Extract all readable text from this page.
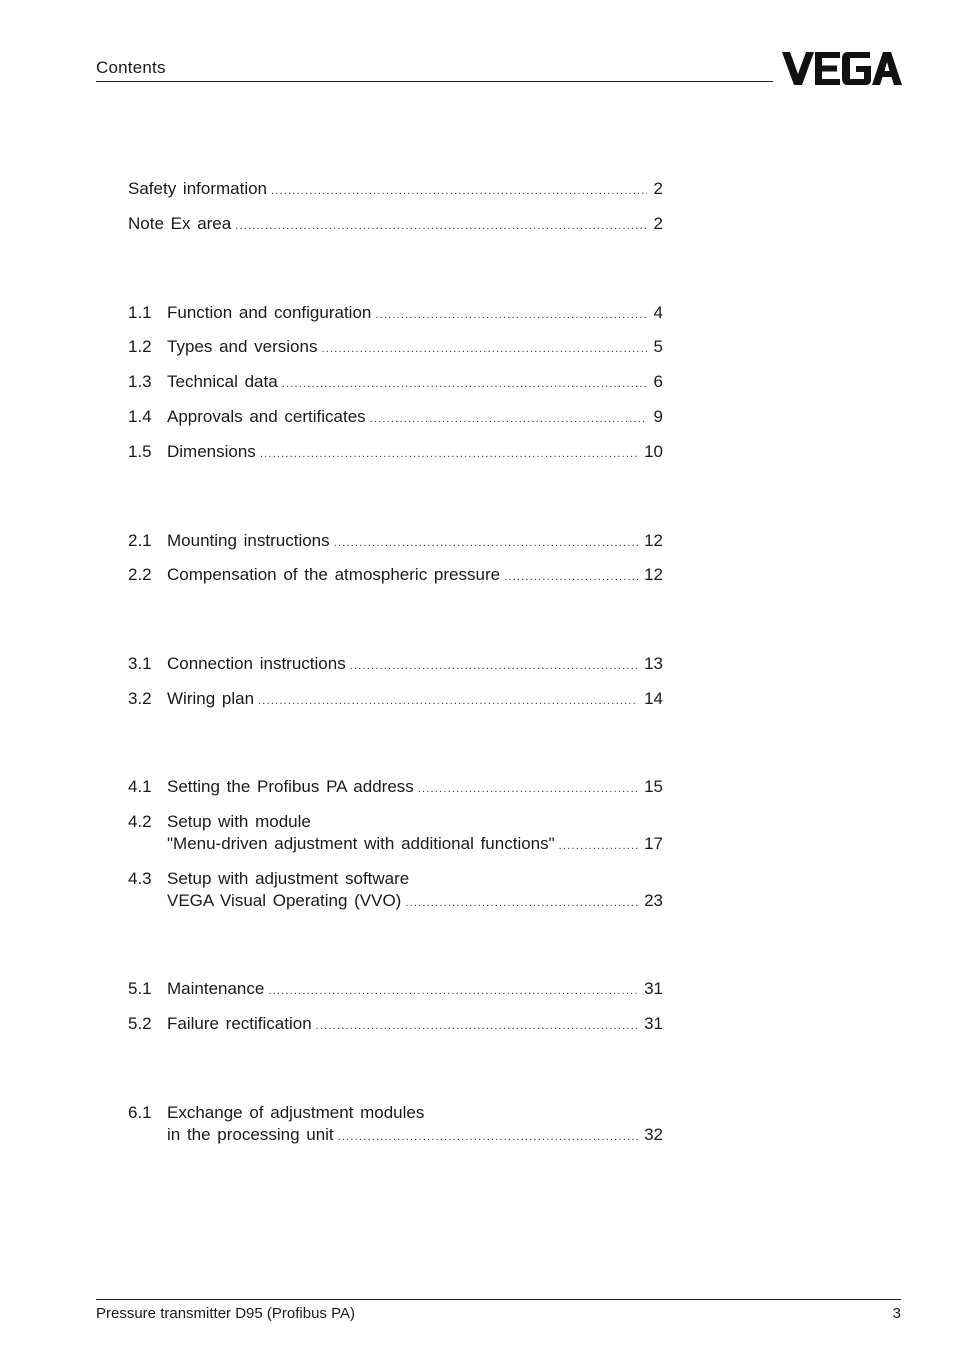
Contents
Safety information .....	2
Note Ex area .....	2
1.1 Function and configuration .....	4
1.2 Types and versions .....	5
1.3 Technical data .....	6
1.4 Approvals and certificates .....	9
1.5 Dimensions .....	10
2.1 Mounting instructions .....	12
2.2 Compensation of the atmospheric pressure .....	12
3.1 Connection instructions .....	13
3.2 Wiring plan .....	14
4.1 Setting the Profibus PA address .....	15
4.2 Setup with module
"Menu-driven adjustment with additional functions" .....	17
4.3 Setup with adjustment software
VEGA Visual Operating (VVO) .....	23
5.1 Maintenance .....	31
5.2 Failure rectification .....	31
6.1 Exchange of adjustment modules
in the processing unit .....	32
Pressure transmitter D95 (Profibus PA)	3
